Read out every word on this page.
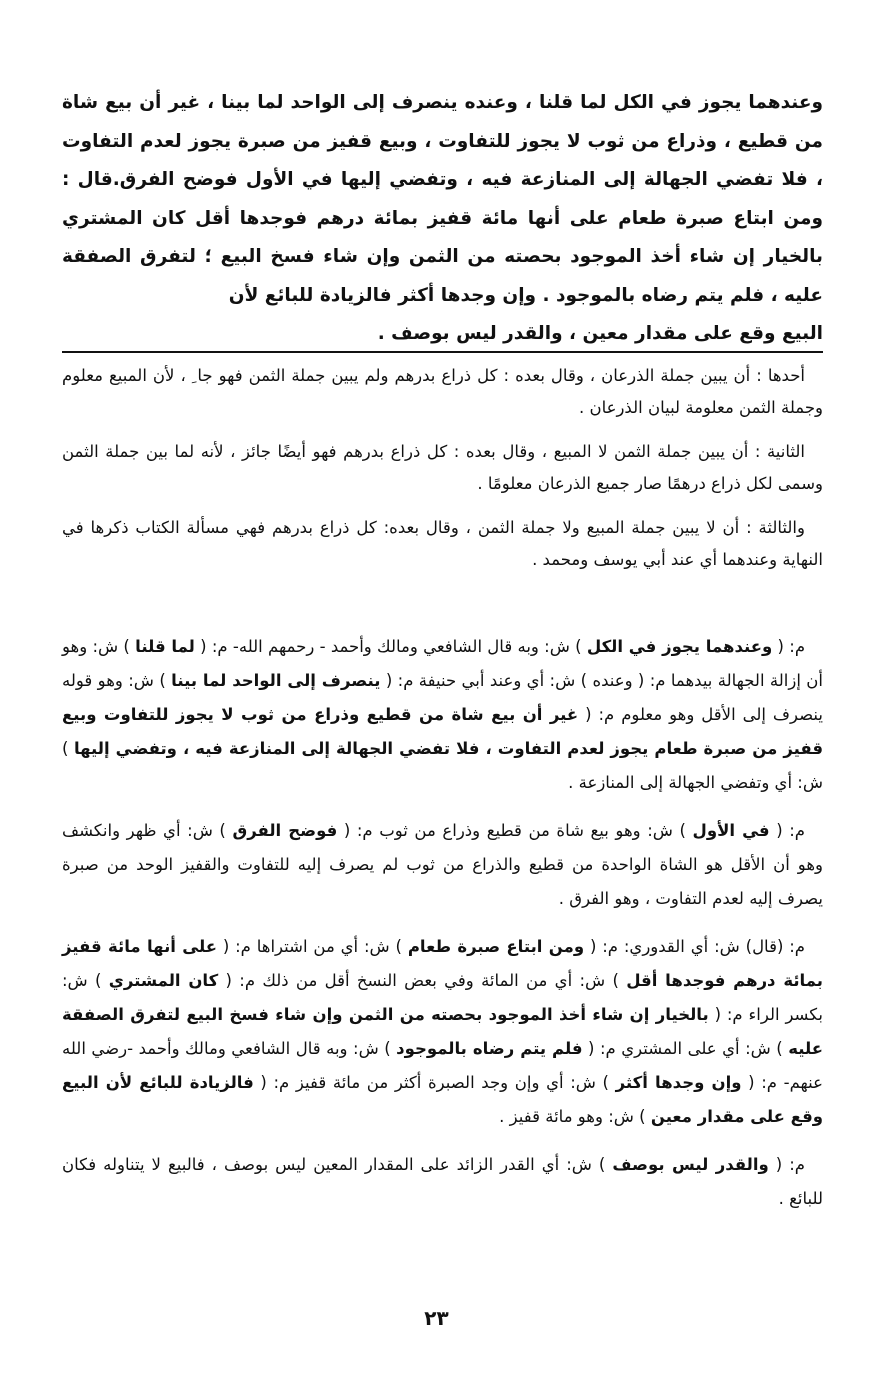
وعندهما يجوز في الكل لما قلنا ، وعنده ينصرف إلى الواحد لما بينا ، غير أن بيع شاة من قطيع ، وذراع من ثوب لا يجوز للتفاوت ، وبيع قفيز من صبرة يجوز لعدم التفاوت ، فلا تفضي الجهالة إلى المنازعة فيه ، وتفضي إليها في الأول فوضح الفرق.قال : ومن ابتاع صبرة طعام على أنها مائة قفيز بمائة درهم فوجدها أقل كان المشتري بالخيار إن شاء أخذ الموجود بحصته من الثمن وإن شاء فسخ البيع ؛ لتفرق الصفقة عليه ، فلم يتم رضاه بالموجود . وإن وجدها أكثر فالزيادة للبائع لأن
البيع وقع على مقدار معين ، والقدر ليس بوصف .

أحدها : أن يبين جملة الذرعان ، وقال بعده : كل ذراع بدرهم ولم يبين جملة الثمن فهو جا ِ ، لأن المبيع معلوم وجملة الثمن معلومة لبيان الذرعان .

الثانية : أن يبين جملة الثمن لا المبيع ، وقال بعده : كل ذراع بدرهم فهو أيضًا جائز ، لأنه لما بين جملة الثمن وسمى لكل ذراع درهمًا صار جميع الذرعان معلومًا .

والثالثة : أن لا يبين جملة المبيع ولا جملة الثمن ، وقال بعده: كل ذراع بدرهم فهي مسألة الكتاب ذكرها في النهاية وعندهما أي عند أبي يوسف ومحمد .

م: ( وعندهما يجوز في الكل ) ش: وبه قال الشافعي ومالك وأحمد - رحمهم الله- م: ( لما قلنا ) ش: وهو أن إزالة الجهالة بيدهما م: ( وعنده ) ش: أي وعند أبي حنيفة م: ( ينصرف إلى الواحد لما بينا ) ش: وهو قوله ينصرف إلى الأقل وهو معلوم م: ( غير أن بيع شاة من قطيع وذراع من ثوب لا يجوز للتفاوت وبيع قفيز من صبرة طعام يجوز لعدم التفاوت ، فلا تفضي الجهالة إلى المنازعة فيه ، وتفضي إليها ) ش: أي وتفضي الجهالة إلى المنازعة .

م: ( في الأول ) ش: وهو بيع شاة من قطيع وذراع من ثوب م: ( فوضح الفرق ) ش: أي ظهر وانكشف وهو أن الأقل هو الشاة الواحدة من قطيع والذراع من ثوب لم يصرف إليه للتفاوت والقفيز الوحد من صبرة يصرف إليه لعدم التفاوت ، وهو الفرق .

م: (قال) ش: أي القدوري: م: ( ومن ابتاع صبرة طعام ) ش: أي من اشتراها م: ( على أنها مائة قفيز بمائة درهم فوجدها أقل ) ش: أي من المائة وفي بعض النسخ أقل من ذلك م: ( كان المشتري ) ش: بكسر الراء م: ( بالخيار إن شاء أخذ الموجود بحصته من الثمن وإن شاء فسخ البيع لتفرق الصفقة عليه ) ش: أي على المشتري م: ( فلم يتم رضاه بالموجود ) ش: وبه قال الشافعي ومالك وأحمد -رضي الله عنهم- م: ( وإن وجدها أكثر ) ش: أي وإن وجد الصبرة أكثر من مائة قفيز م: ( فالزيادة للبائع لأن البيع وقع على مقدار معين ) ش: وهو مائة قفيز .

م: ( والقدر ليس بوصف ) ش: أي القدر الزائد على المقدار المعين ليس بوصف ، فالبيع لا يتناوله فكان للبائع .

٢٣
